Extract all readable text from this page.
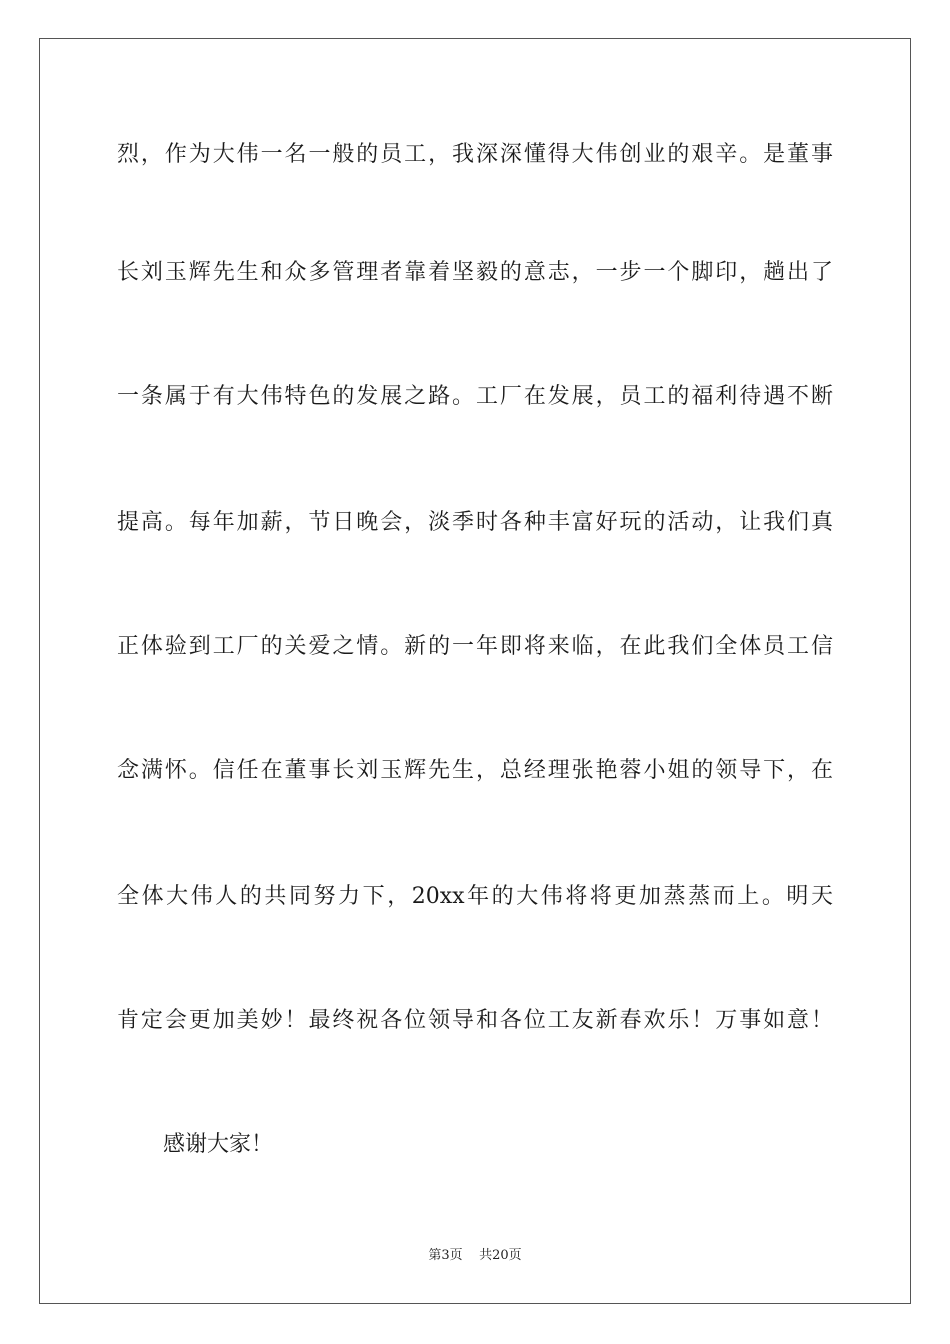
烈，作为大伟一名一般的员工，我深深懂得大伟创业的艰辛。是董事
长刘玉辉先生和众多管理者靠着坚毅的意志，一步一个脚印，趟出了
一条属于有大伟特色的发展之路。工厂在发展，员工的福利待遇不断
提高。每年加薪，节日晚会，淡季时各种丰富好玩的活动，让我们真
正体验到工厂的关爱之情。新的一年即将来临，在此我们全体员工信
念满怀。信任在董事长刘玉辉先生，总经理张艳蓉小姐的领导下，在
全体大伟人的共同努力下，20xx年的大伟将将更加蒸蒸而上。明天
肯定会更加美妙！最终祝各位领导和各位工友新春欢乐！万事如意！
感谢大家！
第3页 共20页
